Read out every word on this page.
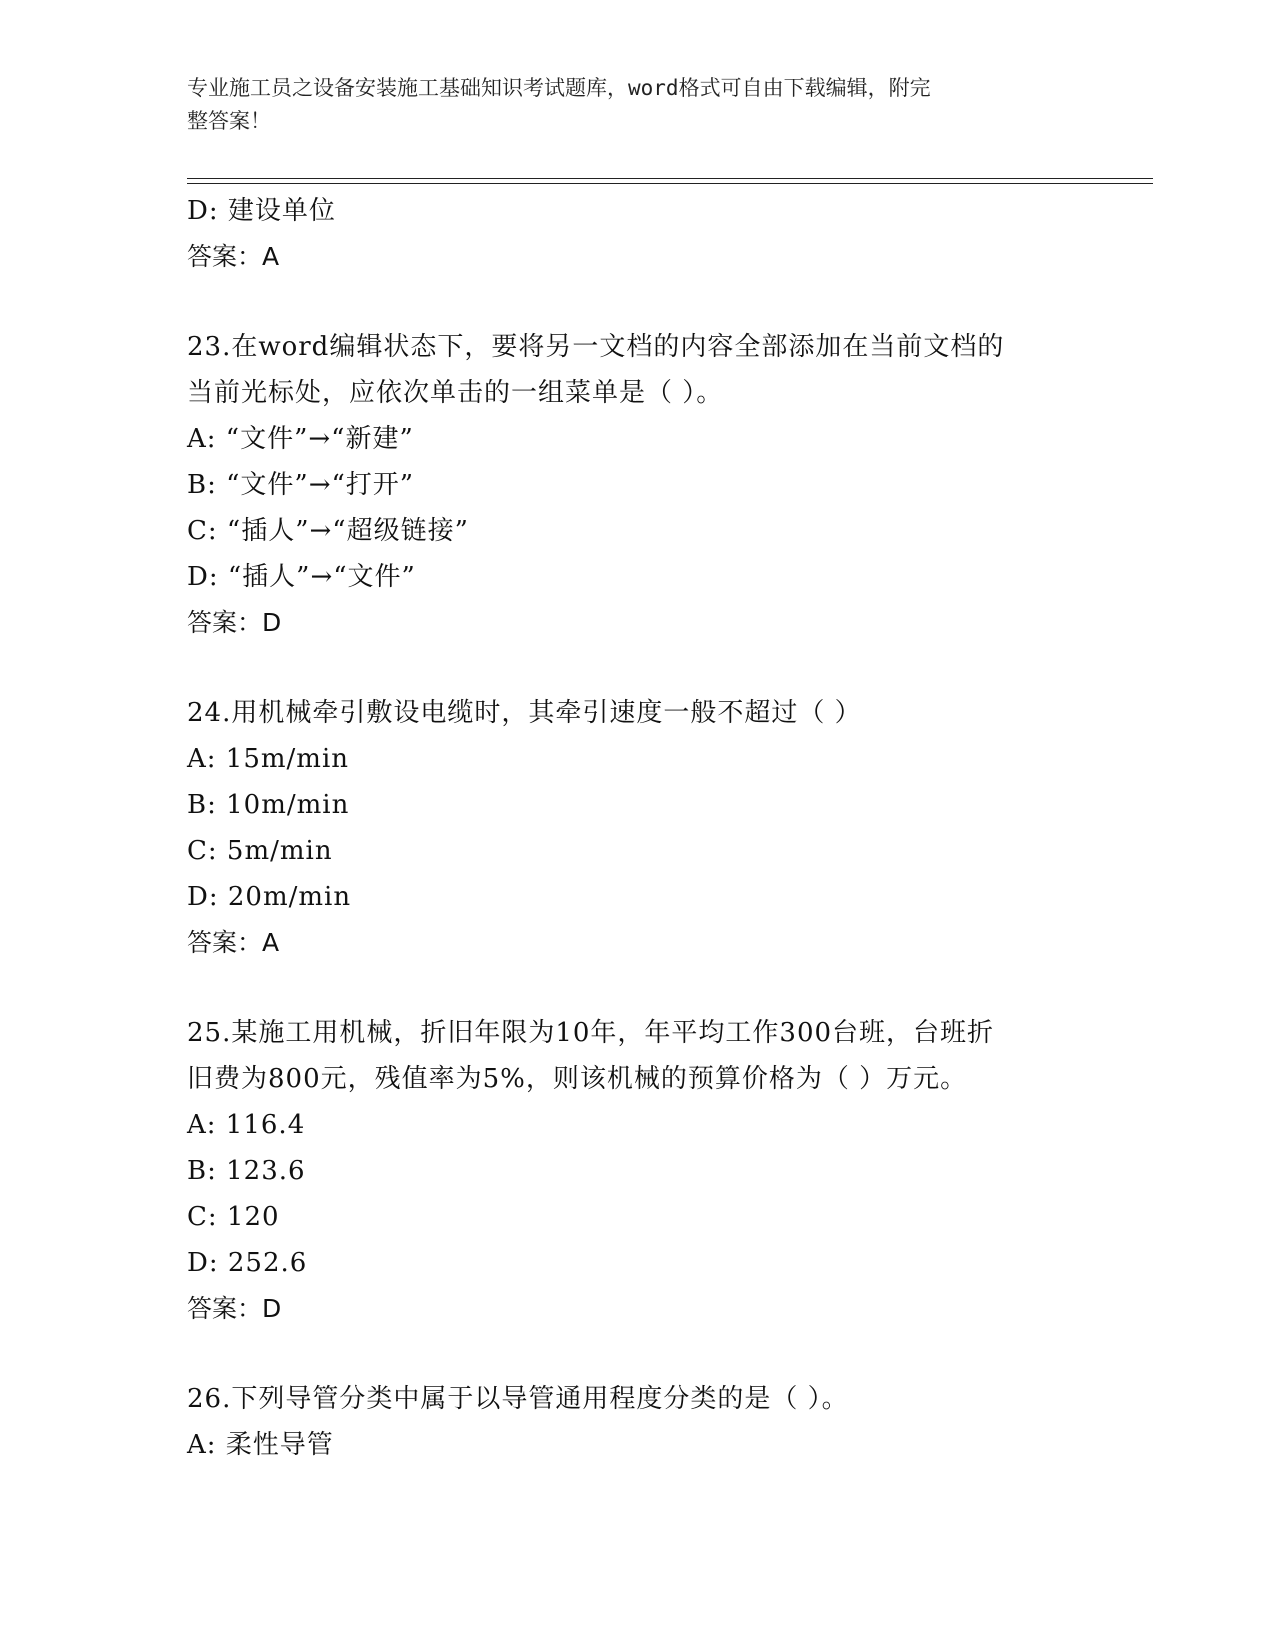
专业施工员之设备安装施工基础知识考试题库，word格式可自由下载编辑，附完
整答案！
D: 建设单位
答案：A
23.在word编辑状态下，要将另一文档的内容全部添加在当前文档的
当前光标处，应依次单击的一组菜单是（ ）。
A: “文件”→“新建”
B: “文件”→“打开”
C: “插人”→“超级链接”
D: “插人”→“文件”
答案：D
24.用机械牵引敷设电缆时，其牵引速度一般不超过（ ）
A: 15m/min
B: 10m/min
C: 5m/min
D: 20m/min
答案：A
25.某施工用机械，折旧年限为10年，年平均工作300台班，台班折
旧费为800元，残值率为5%，则该机械的预算价格为（ ）万元。
A: 116.4
B: 123.6
C: 120
D: 252.6
答案：D
26.下列导管分类中属于以导管通用程度分类的是（ ）。
A: 柔性导管
